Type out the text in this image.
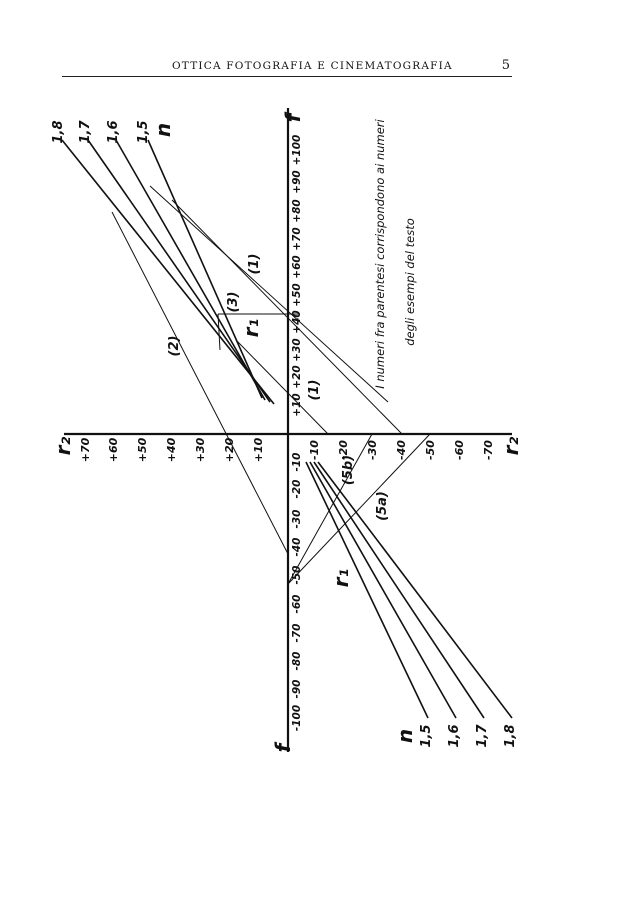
OTTICA FOTOGRAFIA E CINEMATOGRAFIA	5
f
f
r₂	r₂
r₁
r₁
n
n
+10
+20
+30
+40
+50
+60
+70
+80
+90
+100
-10
-20
-30
-40
-50
-60
-70
-80
-90
-100
+10
+20
+30
+40
+50
+60
+70	-10 -20 -30 -40 -50 -60 -70
1,8 1,7 1,6 1,5
1,5 1,6 1,7 1,8
(1)
(1)
(2)
(3)
(5a)
(5b)
I numeri fra parentesi corrispondono ai numeri degli esempi del testo
